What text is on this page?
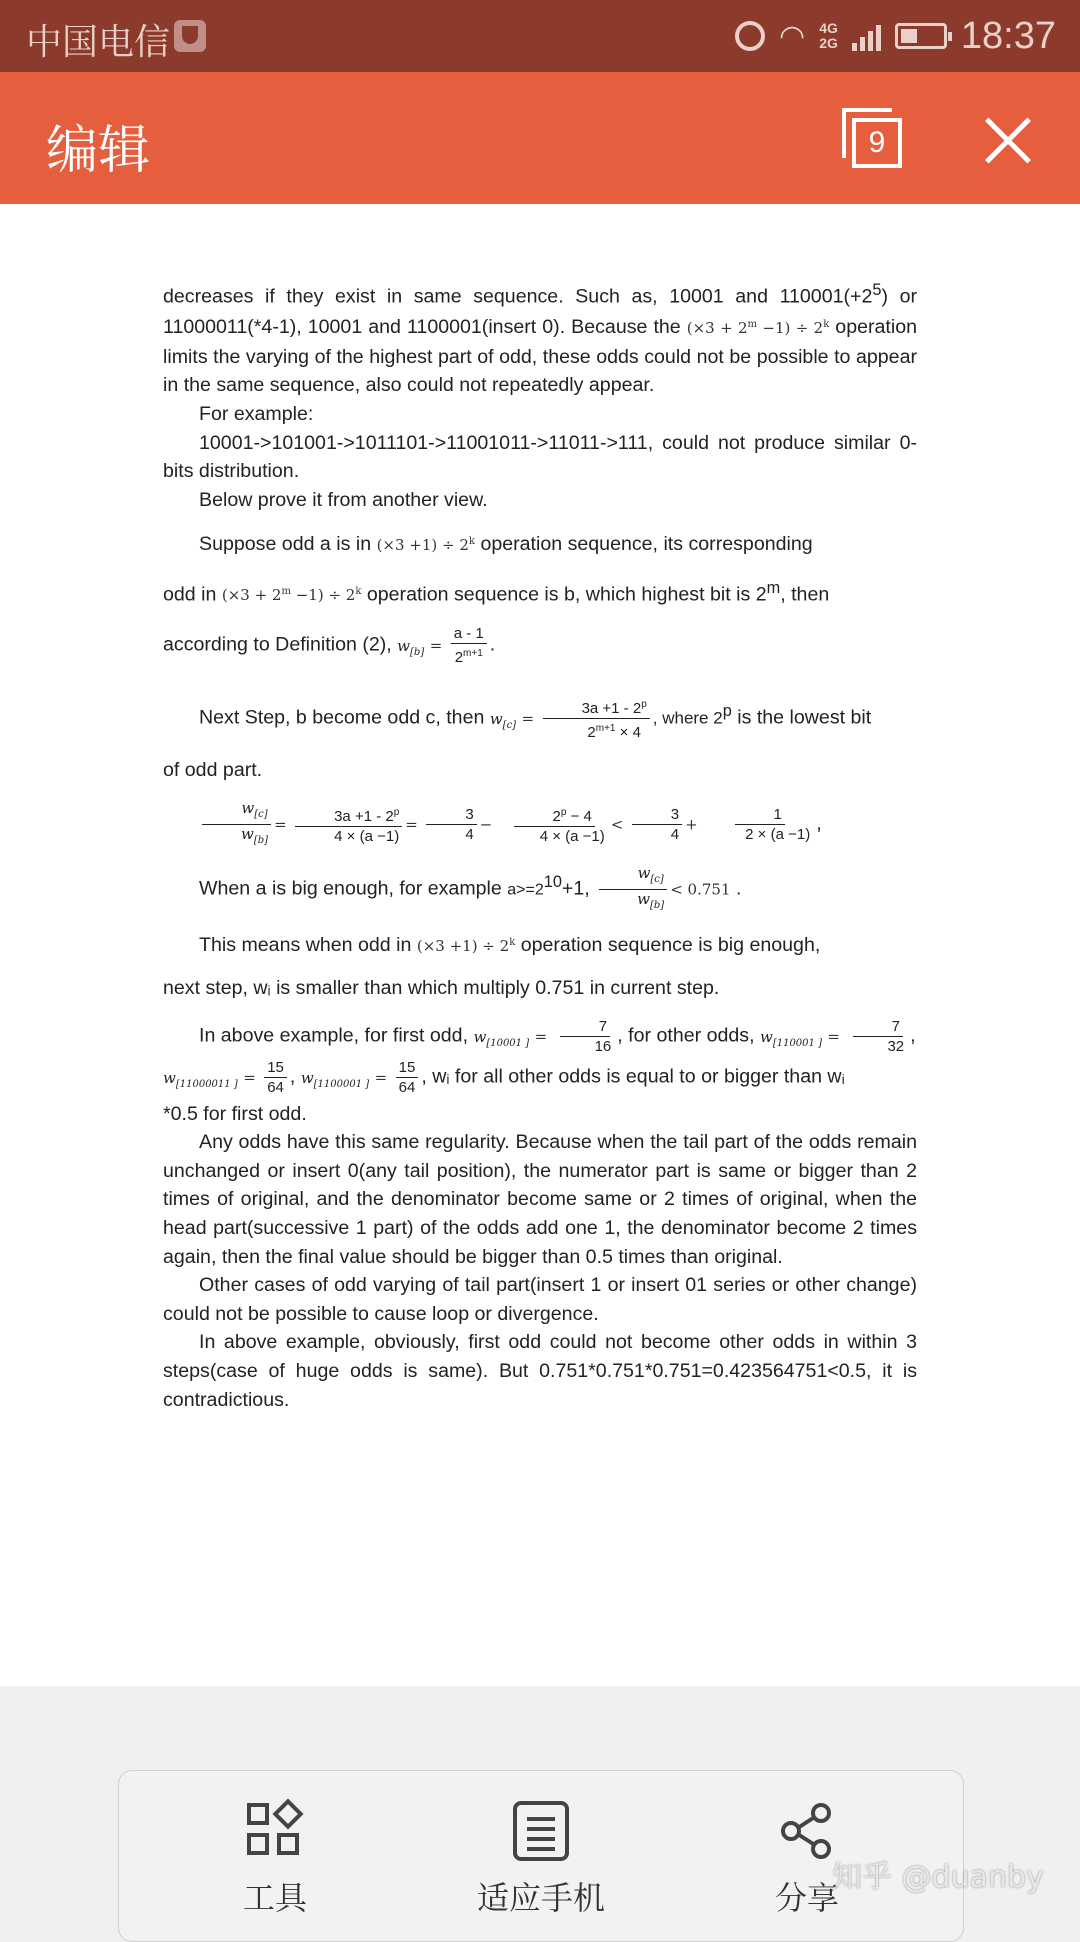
中国电信	◠ 4G
2G	18:37
编辑	9

decreases if they exist in same sequence. Such as, 10001 and $110001(+2^5)$ or 11000011(*4-1), 10001 and 1100001(insert 0). Because the $(\times 3 + 2^m -1) \div 2^k$ operation limits the varying of the highest part of odd, these odds could not be possible to appear in the same sequence, also could not repeatedly appear.

For example:

10001->101001->1011101->11001011->11011->111, could not produce similar 0-bits distribution.

Below prove it from another view.

Suppose odd a is in $(\times 3 +1) \div 2^k$ operation sequence, its corresponding

odd in $(\times 3 + 2^m -1) \div 2^k$ operation sequence is b, which highest bit is 2$^m$, then

according to Definition (2), $w_{[b]} = \frac{a - 1}{2^{m+1}}$ .

Next Step, b become odd c, then $w_{[c]} = \frac{3a +1 - 2^p}{2^{m+1} \times 4}$ , where 2$^p$ is the lowest bit

of odd part.

$\frac{w_{[c]}}{w_{[b]}} = \frac{3a +1 - 2^p}{4 \times (a -1)} = \frac{3}{4} - \frac{2^p - 4}{4 \times (a -1)} < \frac{3}{4} + \frac{1}{2 \times (a -1)}$ ,

When a is big enough, for example $a>=2^{10}+1$, $\frac{w_{[c]}}{w_{[b]}} < 0.751$ .

This means when odd in $(\times 3 +1) \div 2^k$ operation sequence is big enough,

next step, wᵢ is smaller than which multiply 0.751 in current step.

In above example, for first odd, $w_{[10001 ]} = \frac{7}{16}$ , for other odds, $w_{[110001 ]} = \frac{7}{32}$ ,

$w_{[11000011 ]} = \frac{15}{64}$ , $w_{[1100001 ]} = \frac{15}{64}$ , wᵢ for all other odds is equal to or bigger than wᵢ

*0.5 for first odd.

Any odds have this same regularity. Because when the tail part of the odds remain unchanged or insert 0(any tail position), the numerator part is same or bigger than 2 times of original, and the denominator become same or 2 times of original, when the head part(successive 1 part) of the odds add one 1, the denominator become 2 times again, then the final value should be bigger than 0.5 times than original.

Other cases of odd varying of tail part(insert 1 or insert 01 series or other change) could not be possible to cause loop or divergence.

In above example, obviously, first odd could not become other odds in within 3 steps(case of huge odds is same). But 0.751*0.751*0.751=0.423564751<0.5, it is contradictious.

工具	适应手机	分享
知乎 @duanby
